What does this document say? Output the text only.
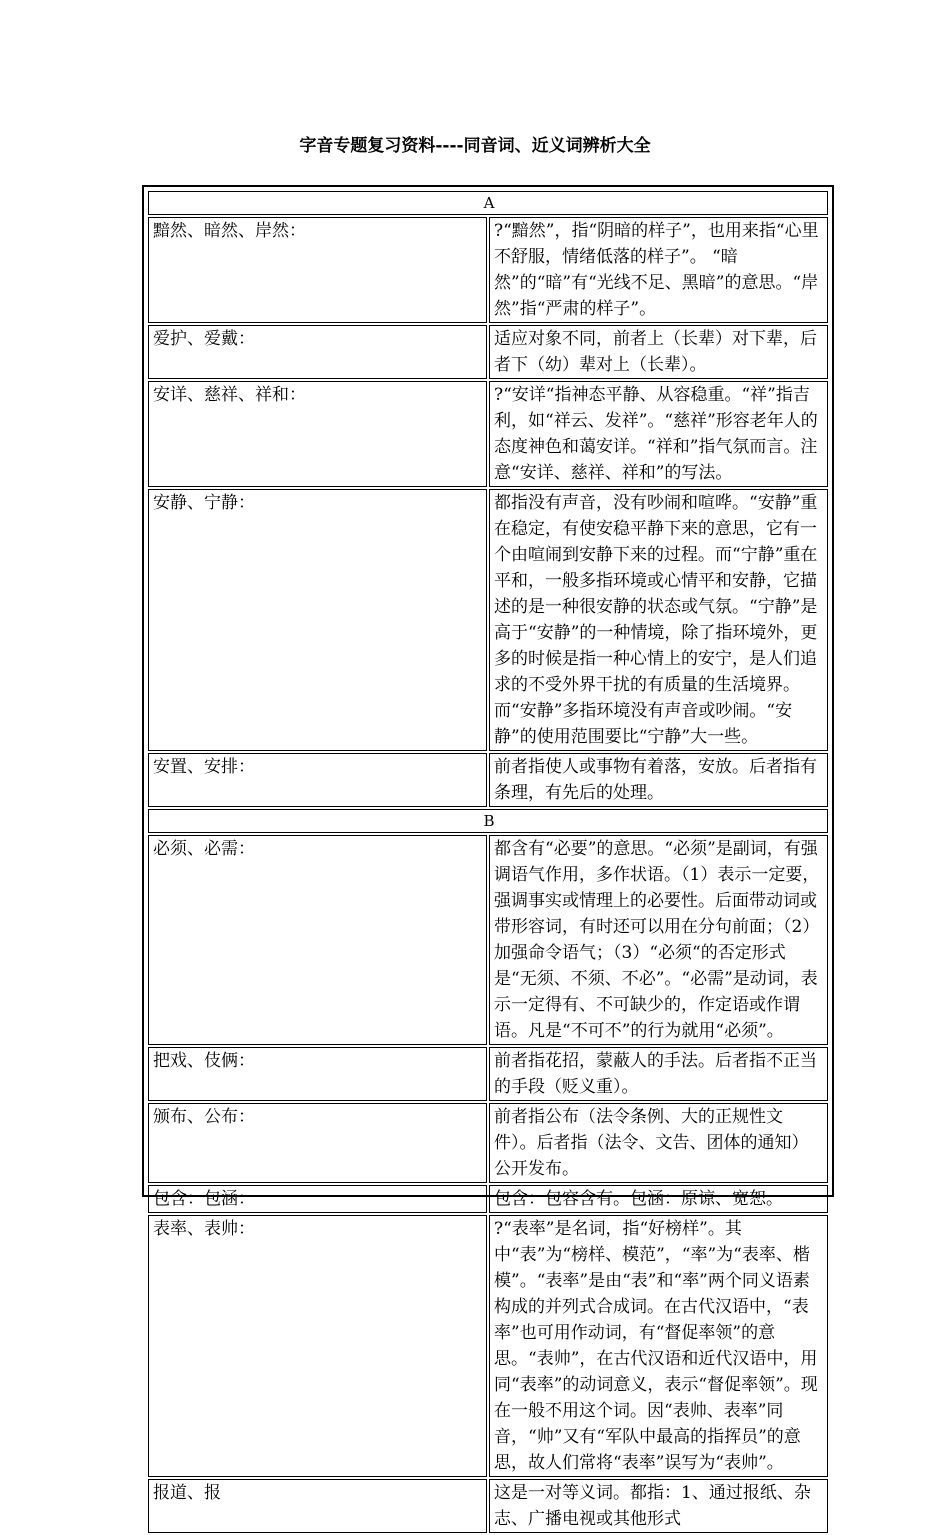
字音专题复习资料----同音词、近义词辨析大全
A	
黯然、暗然、岸然：	?“黯然”，指“阴暗的样子”，也用来指“心里不舒服，情绪低落的样子”。 “暗然”的“暗”有“光线不足、黑暗”的意思。“岸然”指“严肃的样子”。
爱护、爱戴：	适应对象不同，前者上（长辈）对下辈，后者下（幼）辈对上（长辈）。
安详、慈祥、祥和：	?“安详“指神态平静、从容稳重。“祥”指吉利，如“祥云、发祥”。“慈祥”形容老年人的态度神色和蔼安详。“祥和”指气氛而言。注意“安详、慈祥、祥和”的写法。
安静、宁静：	都指没有声音，没有吵闹和喧哗。“安静”重在稳定，有使安稳平静下来的意思，它有一个由喧闹到安静下来的过程。而“宁静”重在平和，一般多指环境或心情平和安静，它描述的是一种很安静的状态或气氛。“宁静”是高于“安静”的一种情境，除了指环境外，更多的时候是指一种心情上的安宁，是人们追求的不受外界干扰的有质量的生活境界。而“安静”多指环境没有声音或吵闹。“安静”的使用范围要比“宁静”大一些。
安置、安排：	前者指使人或事物有着落，安放。后者指有条理，有先后的处理。
B	
必须、必需：	都含有“必要”的意思。“必须”是副词，有强调语气作用，多作状语。（1）表示一定要，强调事实或情理上的必要性。后面带动词或带形容词，有时还可以用在分句前面；（2）加强命令语气；（3）“必须“的否定形式是“无须、不须、不必”。“必需”是动词，表示一定得有、不可缺少的，作定语或作谓语。凡是“不可不”的行为就用“必须”。
把戏、伎俩：	前者指花招，蒙蔽人的手法。后者指不正当的手段（贬义重）。
颁布、公布：	前者指公布（法令条例、大的正规性文件）。后者指（法令、文告、团体的通知）公开发布。
包含：包涵：	包含：包容含有。包涵：原谅、宽恕。
表率、表帅：	?“表率”是名词，指“好榜样”。其中“表”为“榜样、模范”，“率”为“表率、楷模”。“表率”是由“表”和“率”两个同义语素构成的并列式合成词。在古代汉语中，“表率”也可用作动词，有“督促率领”的意思。“表帅”，在古代汉语和近代汉语中，用同“表率”的动词意义，表示“督促率领”。现在一般不用这个词。因“表帅、表率”同音，“帅”又有“军队中最高的指挥员”的意思，故人们常将“表率”误写为“表帅”。
报道、报	这是一对等义词。都指：1、通过报纸、杂志、广播电视或其他形式
